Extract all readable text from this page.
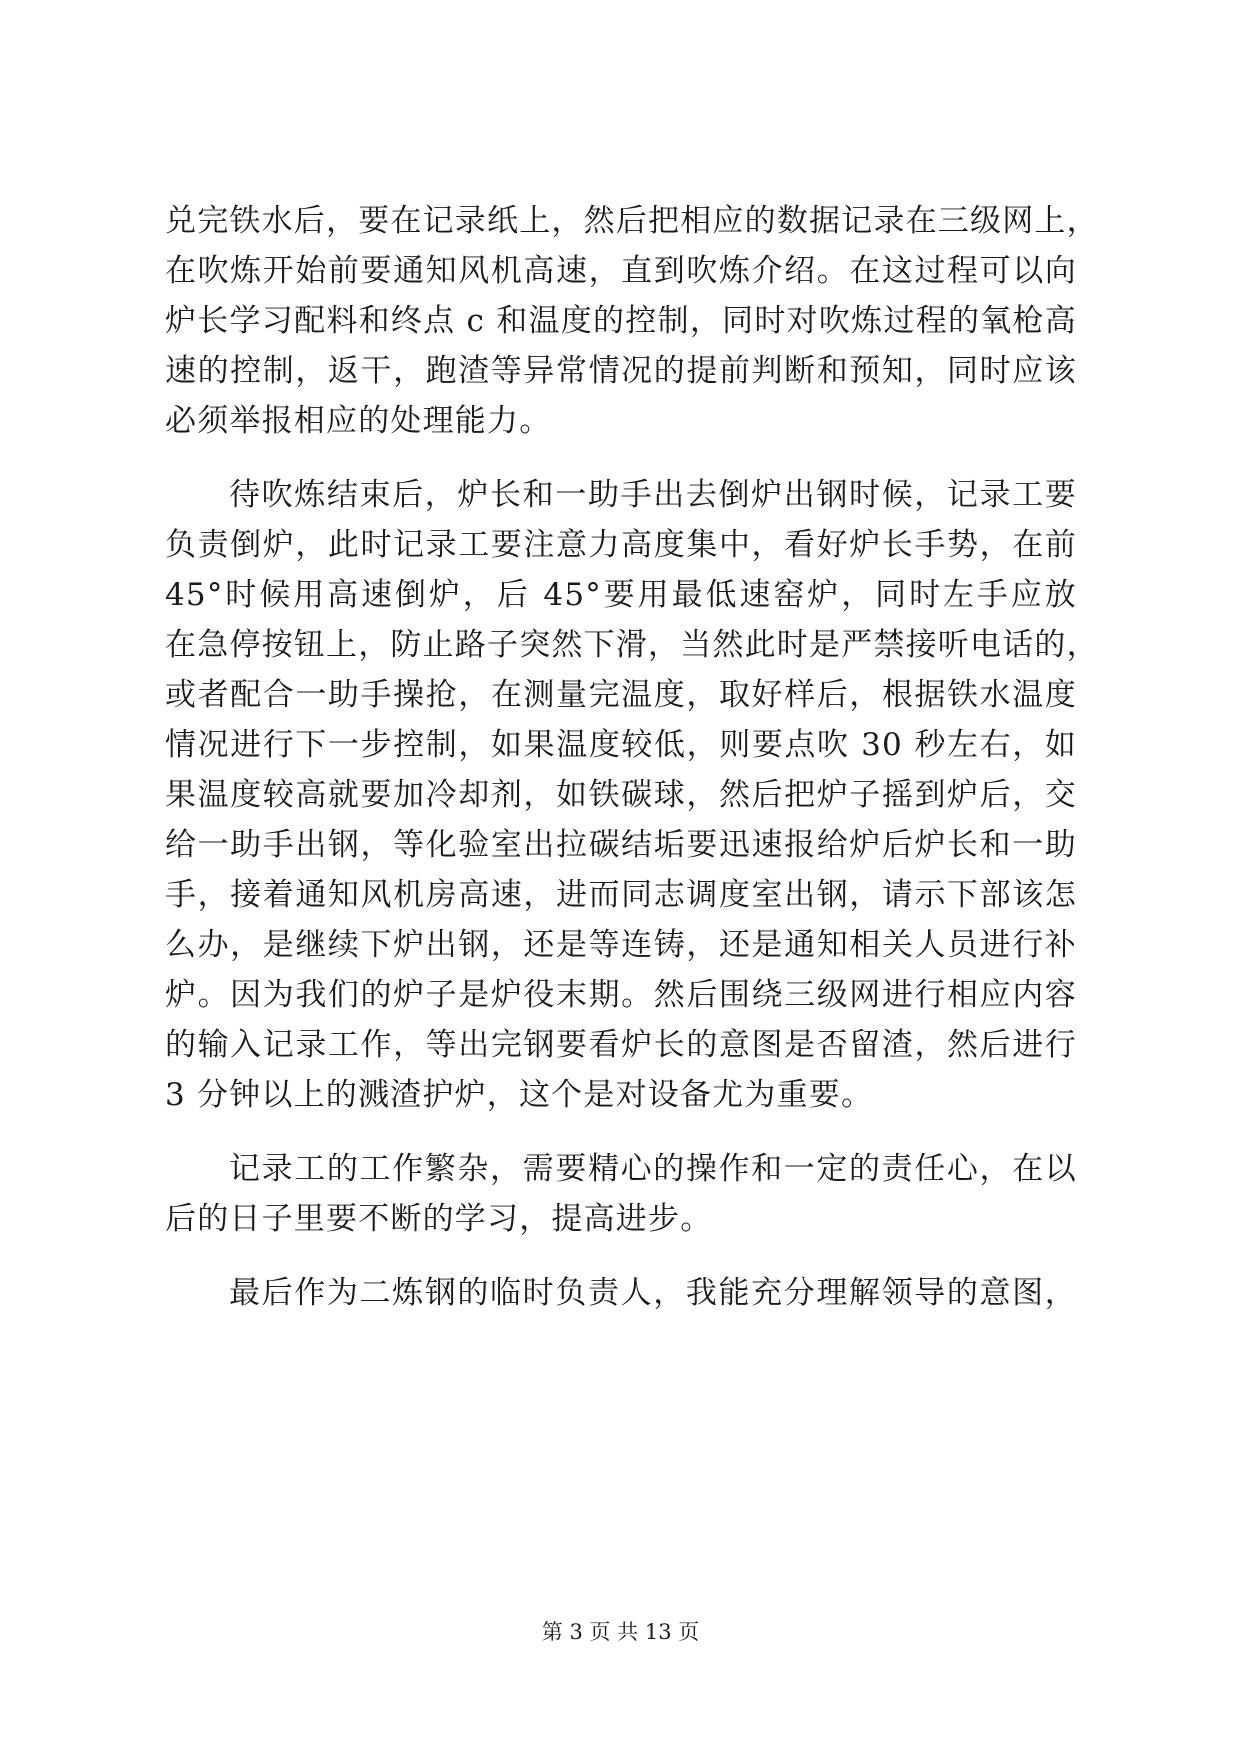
兑完铁水后，要在记录纸上，然后把相应的数据记录在三级网上，
在吹炼开始前要通知风机高速，直到吹炼介绍。在这过程可以向
炉长学习配料和终点 c 和温度的控制，同时对吹炼过程的氧枪高
速的控制，返干，跑渣等异常情况的提前判断和预知，同时应该
必须举报相应的处理能力。
待吹炼结束后，炉长和一助手出去倒炉出钢时候，记录工要
负责倒炉，此时记录工要注意力高度集中，看好炉长手势，在前
45°时候用高速倒炉，后 45°要用最低速窑炉，同时左手应放
在急停按钮上，防止路子突然下滑，当然此时是严禁接听电话的，
或者配合一助手操抢，在测量完温度，取好样后，根据铁水温度
情况进行下一步控制，如果温度较低，则要点吹 30 秒左右，如
果温度较高就要加冷却剂，如铁碳球，然后把炉子摇到炉后，交
给一助手出钢，等化验室出拉碳结垢要迅速报给炉后炉长和一助
手，接着通知风机房高速，进而同志调度室出钢，请示下部该怎
么办，是继续下炉出钢，还是等连铸，还是通知相关人员进行补
炉。因为我们的炉子是炉役末期。然后围绕三级网进行相应内容
的输入记录工作，等出完钢要看炉长的意图是否留渣，然后进行
3 分钟以上的溅渣护炉，这个是对设备尤为重要。
记录工的工作繁杂，需要精心的操作和一定的责任心，在以
后的日子里要不断的学习，提高进步。
最后作为二炼钢的临时负责人，我能充分理解领导的意图，
第 3 页 共 13 页
